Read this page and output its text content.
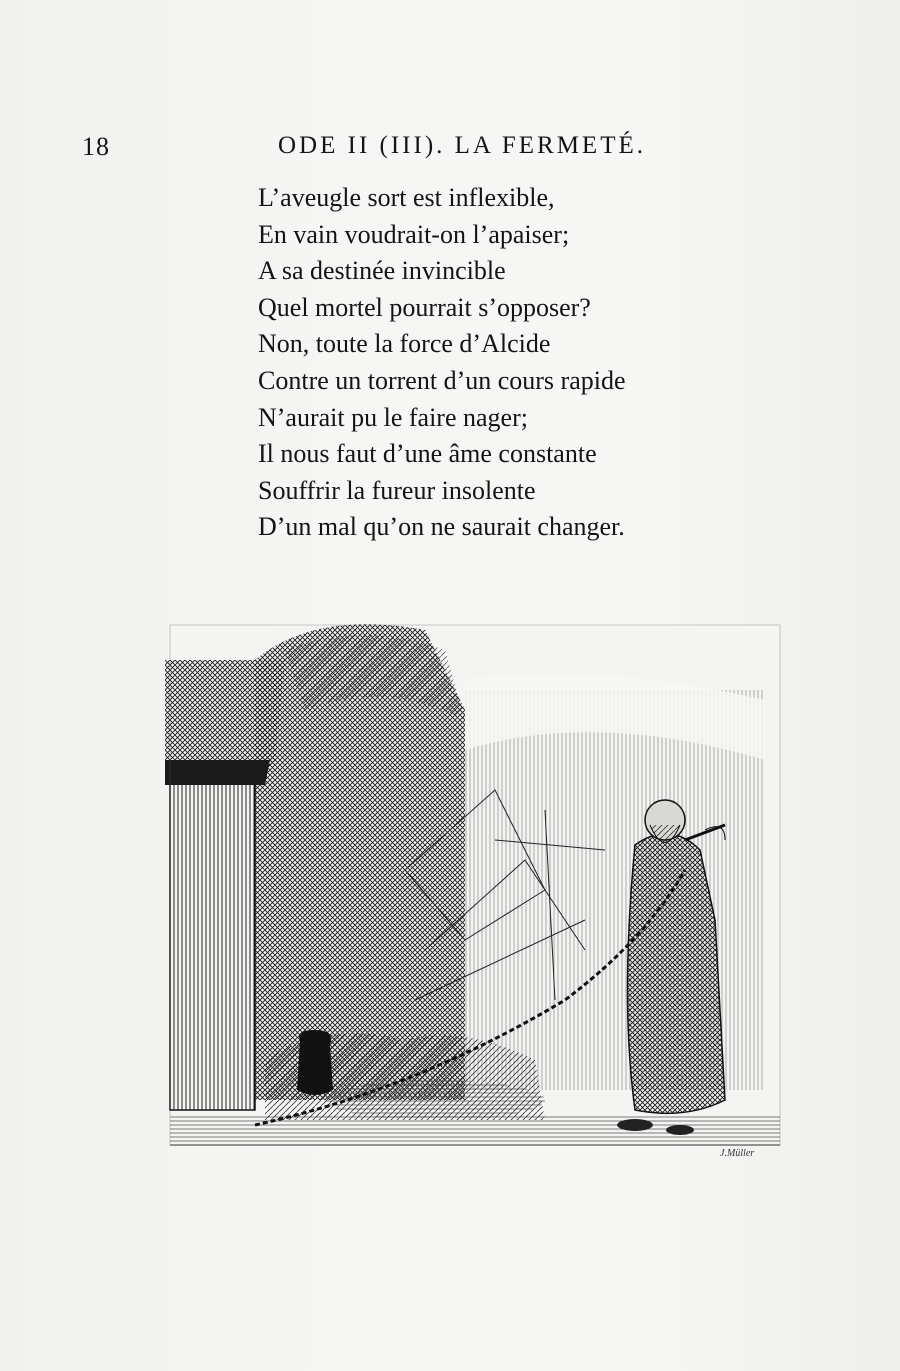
18	ODE II (III). LA FERMETÉ.
L’aveugle sort est inflexible,
En vain voudrait-on l’apaiser;
A sa destinée invincible
Quel mortel pourrait s’opposer?
Non, toute la force d’Alcide
Contre un torrent d’un cours rapide
N’aurait pu le faire nager;
Il nous faut d’une âme constante
Souffrir la fureur insolente
D’un mal qu’on ne saurait changer.
J.Müller
